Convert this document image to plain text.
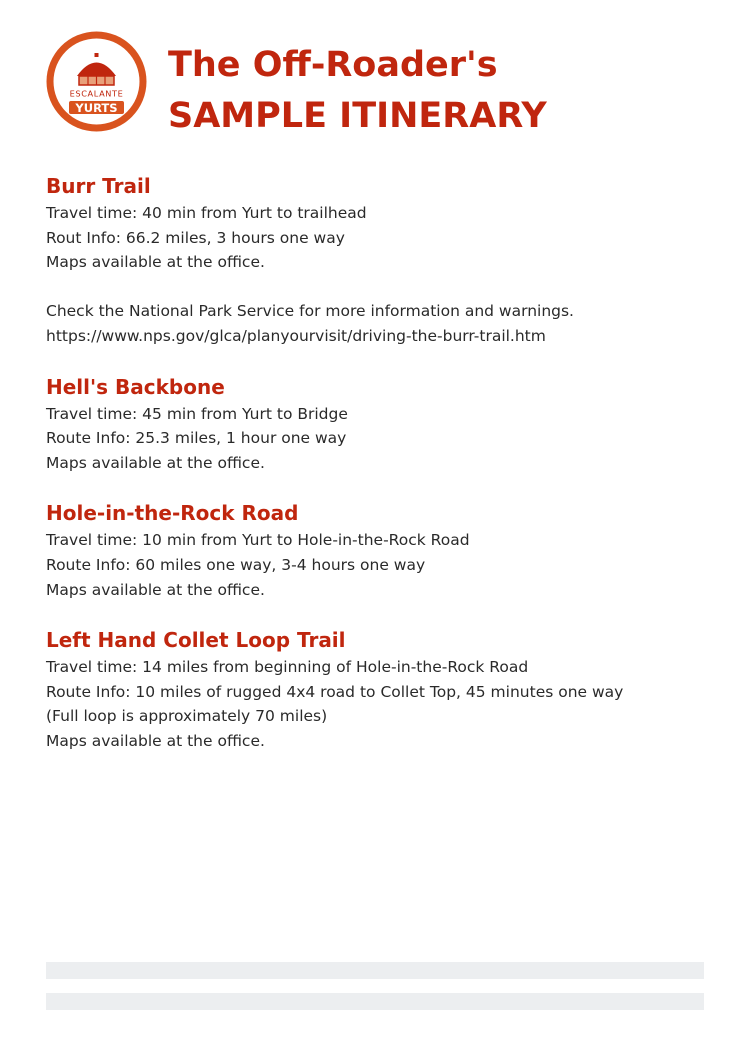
ESCALANTE
YURTS
The Off-Roader's
SAMPLE ITINERARY
Burr Trail

Travel time: 40 min from Yurt to trailhead

Rout Info: 66.2 miles, 3 hours one way

Maps available at the office.

Check the National Park Service for more information and warnings.

https://www.nps.gov/glca/planyourvisit/driving-the-burr-trail.htm

Hell's Backbone

Travel time: 45 min from Yurt to Bridge

Route Info: 25.3 miles, 1 hour one way

Maps available at the office.

Hole-in-the-Rock Road

Travel time: 10 min from Yurt to Hole-in-the-Rock Road

Route Info: 60 miles one way, 3-4 hours one way

Maps available at the office.

Left Hand Collet Loop Trail

Travel time: 14 miles from beginning of Hole-in-the-Rock Road

Route Info: 10 miles of rugged 4x4 road to Collet Top, 45 minutes one way

(Full loop is approximately 70 miles)

Maps available at the office.
